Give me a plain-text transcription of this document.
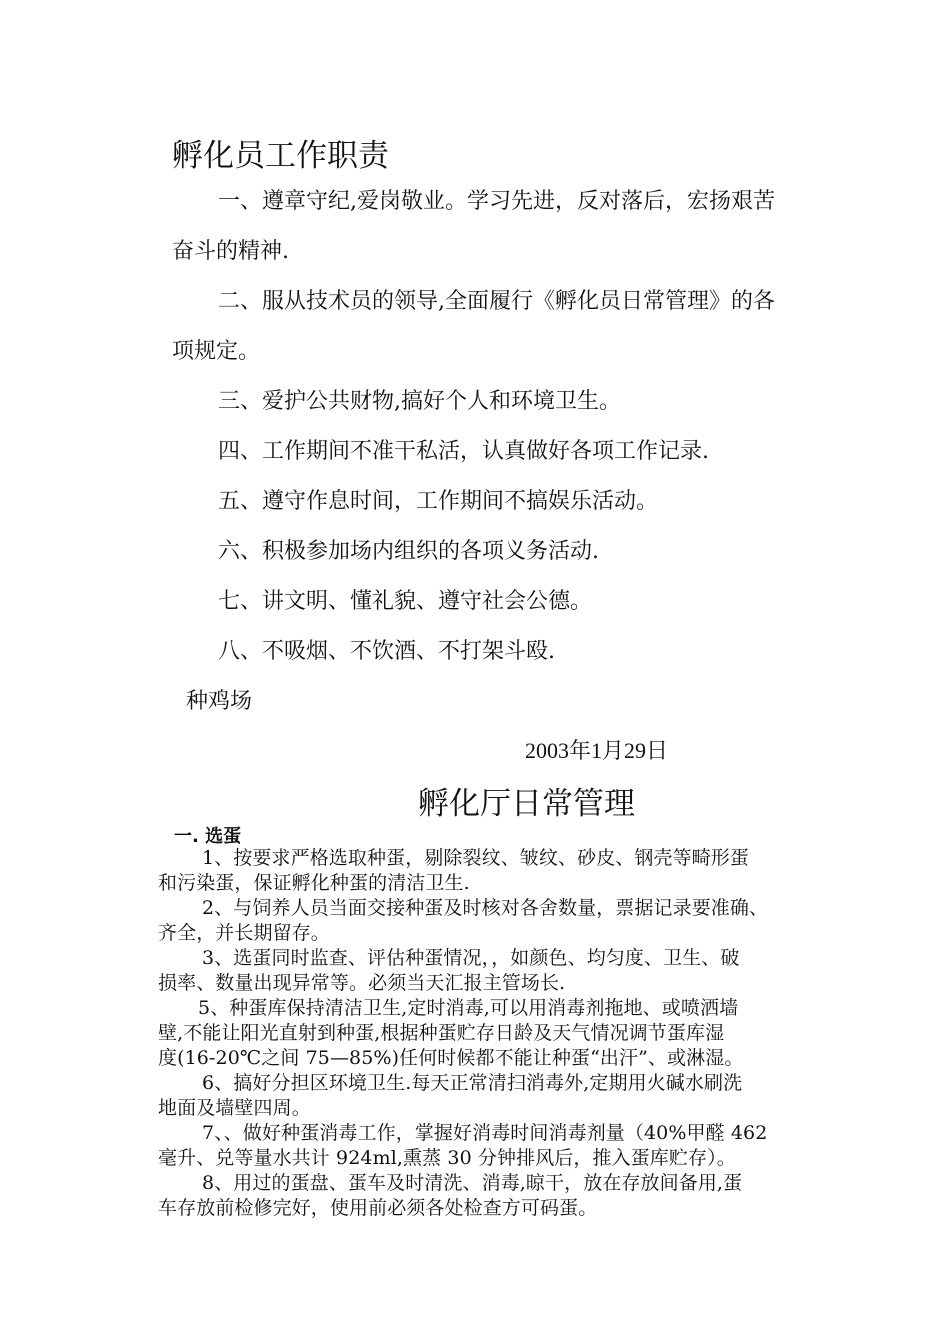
孵化员工作职责
一、遵章守纪,爱岗敬业。学习先进，反对落后，宏扬艰苦
奋斗的精神.
二、服从技术员的领导,全面履行《孵化员日常管理》的各
项规定。
三、爱护公共财物,搞好个人和环境卫生。
四、工作期间不准干私活，认真做好各项工作记录.
五、遵守作息时间，工作期间不搞娱乐活动。
六、积极参加场内组织的各项义务活动.
七、讲文明、懂礼貌、遵守社会公德。
八、不吸烟、不饮酒、不打架斗殴.
种鸡场
2003年1月29日
孵化厅日常管理
一. 选蛋
1、按要求严格选取种蛋，剔除裂纹、皱纹、砂皮、钢壳等畸形蛋
和污染蛋，保证孵化种蛋的清洁卫生.
2、与饲养人员当面交接种蛋及时核对各舍数量，票据记录要准确、
齐全，并长期留存。
3、选蛋同时监查、评估种蛋情况，，如颜色、均匀度、卫生、破
损率、数量出现异常等。必须当天汇报主管场长.
5、种蛋库保持清洁卫生,定时消毒,可以用消毒剂拖地、或喷洒墙
壁,不能让阳光直射到种蛋,根据种蛋贮存日龄及天气情况调节蛋库湿
度(16-20℃之间 75—85%)任何时候都不能让种蛋“出汗”、或淋湿。
6、搞好分担区环境卫生.每天正常清扫消毒外,定期用火碱水刷洗
地面及墙壁四周。
7、、做好种蛋消毒工作，掌握好消毒时间消毒剂量（40%甲醛 462
毫升、兑等量水共计 924ml,熏蒸 30 分钟排风后，推入蛋库贮存）。
8、用过的蛋盘、蛋车及时清洗、消毒,晾干，放在存放间备用,蛋
车存放前检修完好，使用前必须各处检查方可码蛋。
